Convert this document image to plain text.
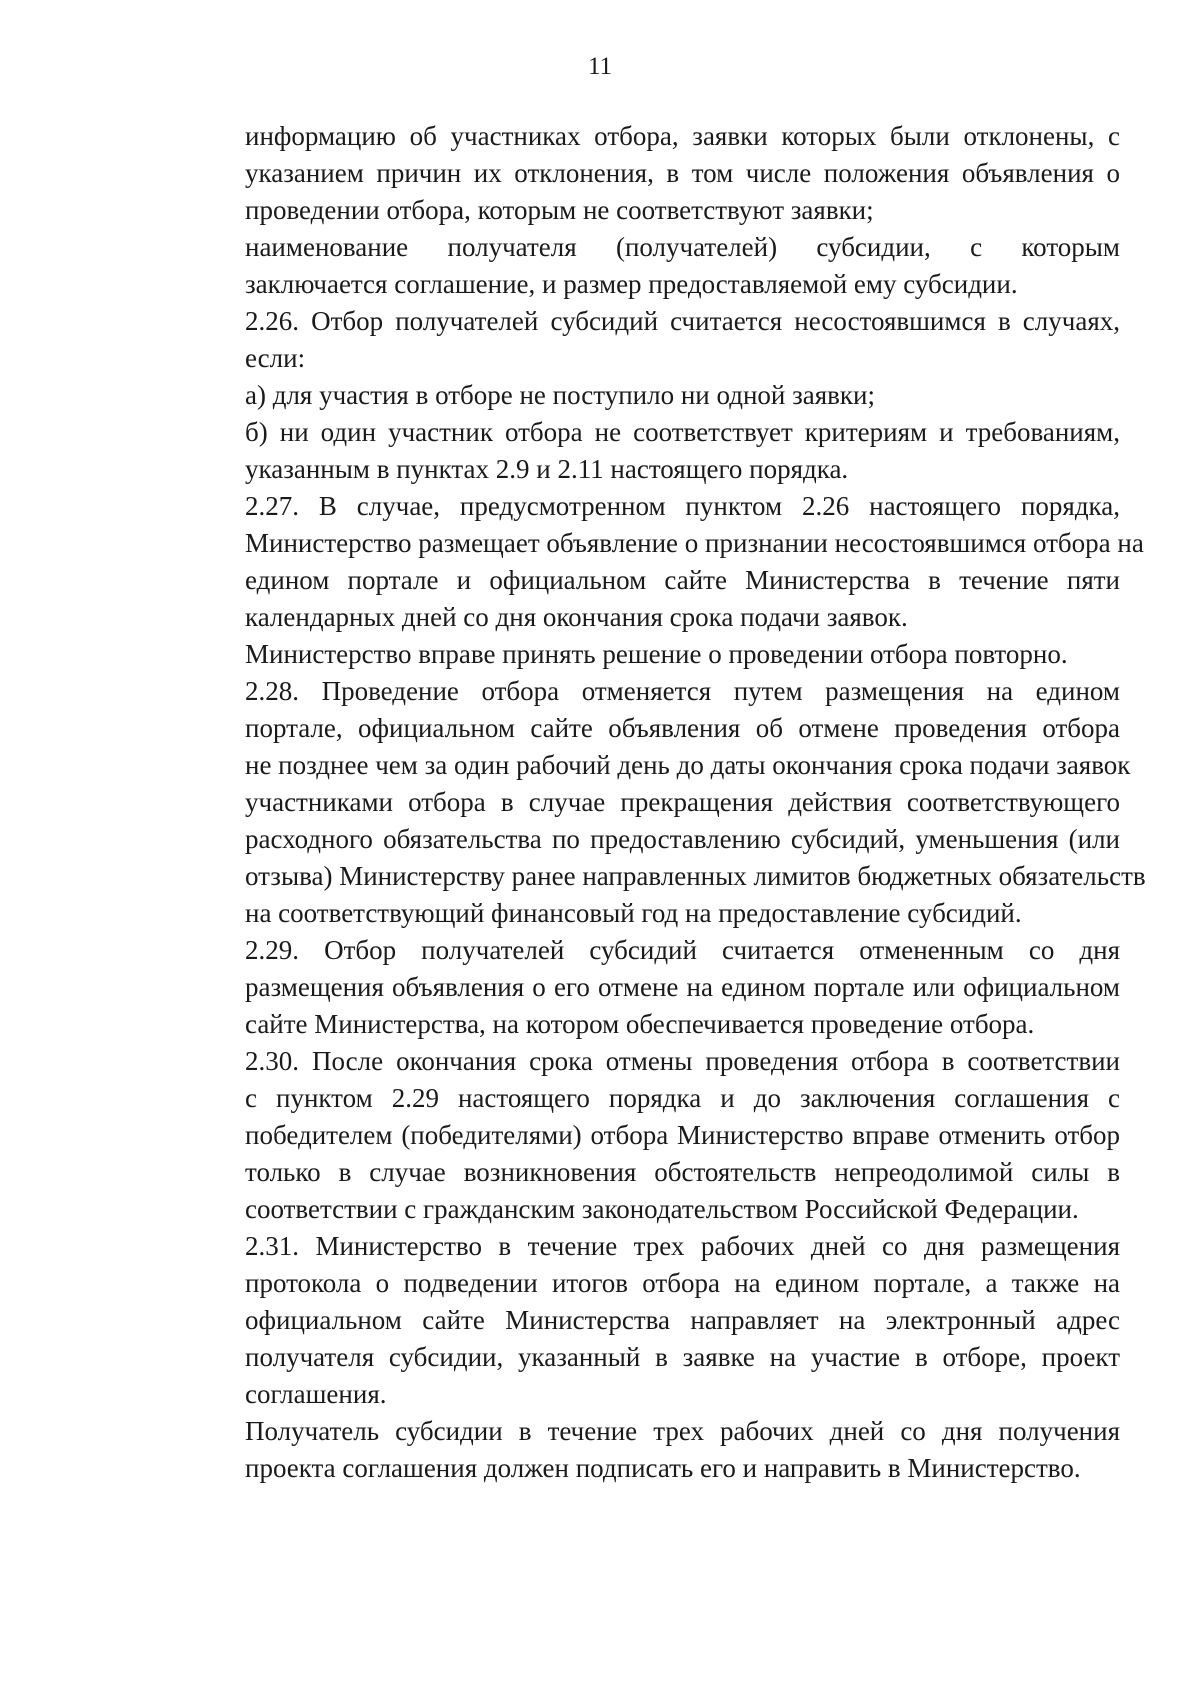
11

информацию об участниках отбора, заявки которых были отклонены, с
указанием причин их отклонения, в том числе положения объявления о
проведении отбора, которым не соответствуют заявки;

наименование получателя (получателей) субсидии, с которым
заключается соглашение, и размер предоставляемой ему субсидии.

2.26. Отбор получателей субсидий считается несостоявшимся в случаях,
если:

а) для участия в отборе не поступило ни одной заявки;

б) ни один участник отбора не соответствует критериям и требованиям,
указанным в пунктах 2.9 и 2.11 настоящего порядка.

2.27. В случае, предусмотренном пунктом 2.26 настоящего порядка,
Министерство размещает объявление о признании несостоявшимся отбора на
едином портале и официальном сайте Министерства в течение пяти
календарных дней со дня окончания срока подачи заявок.

Министерство вправе принять решение о проведении отбора повторно.

2.28. Проведение отбора отменяется путем размещения на едином
портале, официальном сайте объявления об отмене проведения отбора
не позднее чем за один рабочий день до даты окончания срока подачи заявок
участниками отбора в случае прекращения действия соответствующего
расходного обязательства по предоставлению субсидий, уменьшения (или
отзыва) Министерству ранее направленных лимитов бюджетных обязательств
на соответствующий финансовый год на предоставление субсидий.

2.29. Отбор получателей субсидий считается отмененным со дня
размещения объявления о его отмене на едином портале или официальном
сайте Министерства, на котором обеспечивается проведение отбора.

2.30. После окончания срока отмены проведения отбора в соответствии
с пунктом 2.29 настоящего порядка и до заключения соглашения с
победителем (победителями) отбора Министерство вправе отменить отбор
только в случае возникновения обстоятельств непреодолимой силы в
соответствии с гражданским законодательством Российской Федерации.

2.31. Министерство в течение трех рабочих дней со дня размещения
протокола о подведении итогов отбора на едином портале, а также на
официальном сайте Министерства направляет на электронный адрес
получателя субсидии, указанный в заявке на участие в отборе, проект
соглашения.

Получатель субсидии в течение трех рабочих дней со дня получения
проекта соглашения должен подписать его и направить в Министерство.
